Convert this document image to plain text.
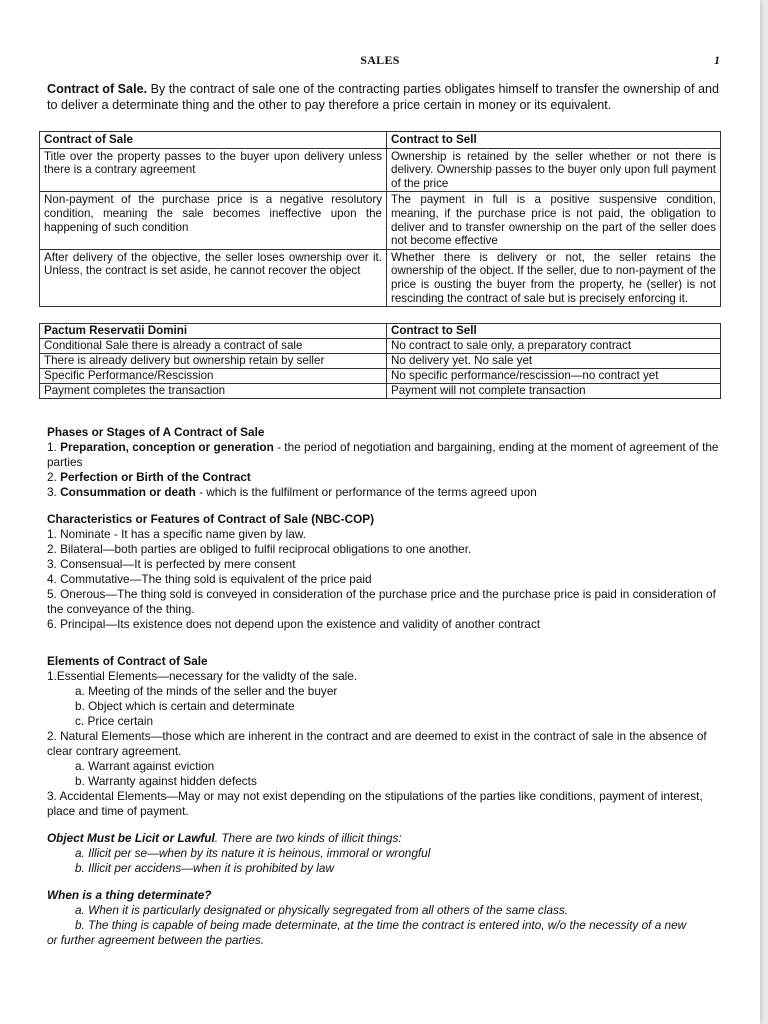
SALES	1

Contract of Sale. By the contract of sale one of the contracting parties obligates himself to transfer the ownership of and to deliver a determinate thing and the other to pay therefore a price certain in money or its equivalent.

Contract of Sale	Contract to Sell
Title over the property passes to the buyer upon delivery unless there is a contrary agreement	Ownership is retained by the seller whether or not there is delivery. Ownership passes to the buyer only upon full payment of the price
Non-payment of the purchase price is a negative resolutory condition, meaning the sale becomes ineffective upon the happening of such condition	The payment in full is a positive suspensive condition, meaning, if the purchase price is not paid, the obligation to deliver and to transfer ownership on the part of the seller does not become effective
After delivery of the objective, the seller loses ownership over it. Unless, the contract is set aside, he cannot recover the object	Whether there is delivery or not, the seller retains the ownership of the object. If the seller, due to non-payment of the price is ousting the buyer from the property, he (seller) is not rescinding the contract of sale but is precisely enforcing it.
Pactum Reservatii Domini	Contract to Sell
Conditional Sale there is already a contract of sale	No contract to sale only, a preparatory contract
There is already delivery but ownership retain by seller	No delivery yet. No sale yet
Specific Performance/Rescission	No specific performance/rescission—no contract yet
Payment completes the transaction	Payment will not complete transaction
Phases or Stages of A Contract of Sale

1. Preparation, conception or generation - the period of negotiation and bargaining, ending at the moment of agreement of the parties

2. Perfection or Birth of the Contract

3. Consummation or death - which is the fulfilment or performance of the terms agreed upon

Characteristics or Features of Contract of Sale (NBC-COP)

1. Nominate - It has a specific name given by law.

2. Bilateral—both parties are obliged to fulfil reciprocal obligations to one another.

3. Consensual—It is perfected by mere consent

4. Commutative—The thing sold is equivalent of the price paid

5. Onerous—The thing sold is conveyed in consideration of the purchase price and the purchase price is paid in consideration of the conveyance of the thing.

6. Principal—Its existence does not depend upon the existence and validity of another contract

Elements of Contract of Sale

1.Essential Elements—necessary for the validty of the sale.

a. Meeting of the minds of the seller and the buyer

b. Object which is certain and determinate

c. Price certain

2. Natural Elements—those which are inherent in the contract and are deemed to exist in the contract of sale in the absence of clear contrary agreement.

a. Warrant against eviction

b. Warranty against hidden defects

3. Accidental Elements—May or may not exist depending on the stipulations of the parties like conditions, payment of interest, place and time of payment.

Object Must be Licit or Lawful. There are two kinds of illicit things:

a. Illicit per se—when by its nature it is heinous, immoral or wrongful

b. Illicit per accidens—when it is prohibited by law

When is a thing determinate?

a. When it is particularly designated or physically segregated from all others of the same class.

b. The thing is capable of being made determinate, at the time the contract is entered into, w/o the necessity of a new

or further agreement between the parties.
